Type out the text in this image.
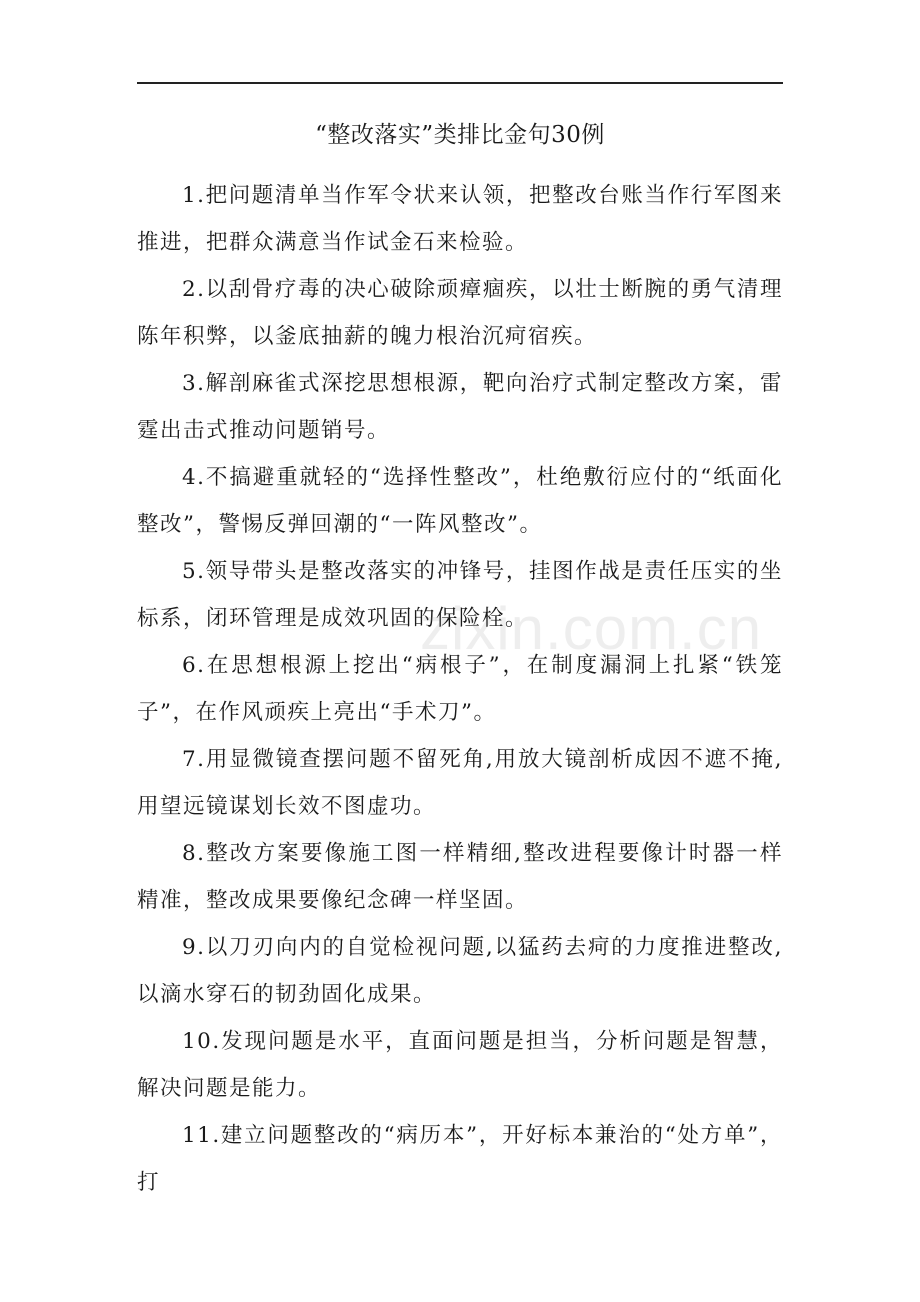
“整改落实”类排比金句30例

1.把问题清单当作军令状来认领，把整改台账当作行军图来推进，把群众满意当作试金石来检验。

2.以刮骨疗毒的决心破除顽瘴痼疾，以壮士断腕的勇气清理陈年积弊，以釜底抽薪的魄力根治沉疴宿疾。

3.解剖麻雀式深挖思想根源，靶向治疗式制定整改方案，雷霆出击式推动问题销号。

4.不搞避重就轻的“选择性整改”，杜绝敷衍应付的“纸面化整改”，警惕反弹回潮的“一阵风整改”。

5.领导带头是整改落实的冲锋号，挂图作战是责任压实的坐标系，闭环管理是成效巩固的保险栓。

6.在思想根源上挖出“病根子”，在制度漏洞上扎紧“铁笼子”，在作风顽疾上亮出“手术刀”。

7.用显微镜查摆问题不留死角,用放大镜剖析成因不遮不掩,用望远镜谋划长效不图虚功。

8.整改方案要像施工图一样精细,整改进程要像计时器一样精准，整改成果要像纪念碑一样坚固。

9.以刀刃向内的自觉检视问题,以猛药去疴的力度推进整改,以滴水穿石的韧劲固化成果。

10.发现问题是水平，直面问题是担当，分析问题是智慧，解决问题是能力。

11.建立问题整改的“病历本”，开好标本兼治的“处方单”，打

zixin.com.cn
